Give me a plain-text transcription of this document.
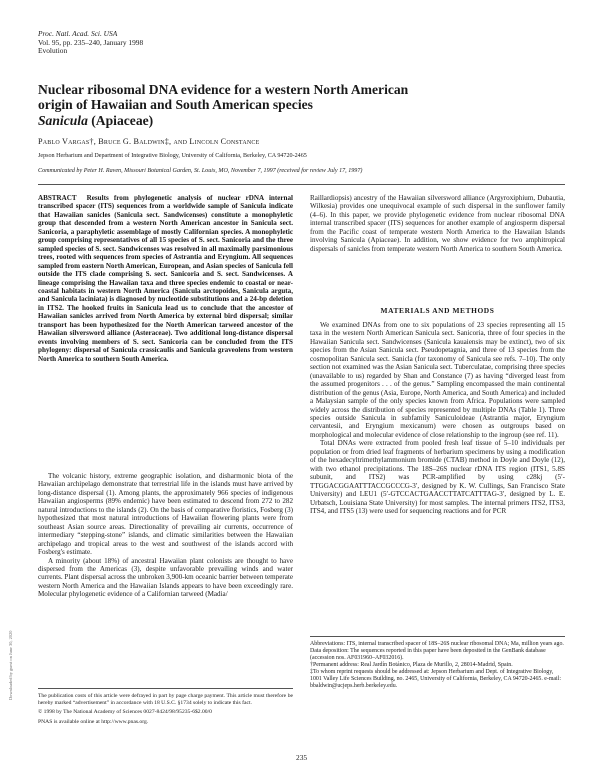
Proc. Natl. Acad. Sci. USA
Vol. 95, pp. 235–240, January 1998
Evolution
Nuclear ribosomal DNA evidence for a western North American
origin of Hawaiian and South American species
Sanicula (Apiaceae)
Pablo Vargas†, Bruce G. Baldwin‡, and Lincoln Constance
Jepson Herbarium and Department of Integrative Biology, University of California, Berkeley, CA 94720-2465
Communicated by Peter H. Raven, Missouri Botanical Garden, St. Louis, MO, November 7, 1997 (received for review July 17, 1997)
ABSTRACT Results from phylogenetic analysis of nuclear rDNA internal transcribed spacer (ITS) sequences from a worldwide sample of Sanicula indicate that Hawaiian sanicles (Sanicula sect. Sandwicenses) constitute a monophyletic group that descended from a western North American ancestor in Sanicula sect. Sanicoria, a paraphyletic assemblage of mostly Californian species. A monophyletic group comprising representatives of all 15 species of S. sect. Sanicoria and the three sampled species of S. sect. Sandwicenses was resolved in all maximally parsimonious trees, rooted with sequences from species of Astrantia and Eryngium. All sequences sampled from eastern North American, European, and Asian species of Sanicula fell outside the ITS clade comprising S. sect. Sanicoria and S. sect. Sandwicenses. A lineage comprising the Hawaiian taxa and three species endemic to coastal or near-coastal habitats in western North America (Sanicula arctopoides, Sanicula arguta, and Sanicula laciniata) is diagnosed by nucleotide substitutions and a 24-bp deletion in ITS2. The hooked fruits in Sanicula lead us to conclude that the ancestor of Hawaiian sanicles arrived from North America by external bird dispersal; similar transport has been hypothesized for the North American tarweed ancestor of the Hawaiian silversword alliance (Asteraceae). Two additional long-distance dispersal events involving members of S. sect. Sanicoria can be concluded from the ITS phylogeny: dispersal of Sanicula crassicaulis and Sanicula graveolens from western North America to southern South America.

The volcanic history, extreme geographic isolation, and disharmonic biota of the Hawaiian archipelago demonstrate that terrestrial life in the islands must have arrived by long-distance dispersal (1). Among plants, the approximately 966 species of indigenous Hawaiian angiosperms (89% endemic) have been estimated to descend from 272 to 282 natural introductions to the islands (2). On the basis of comparative floristics, Fosberg (3) hypothesized that most natural introductions of Hawaiian flowering plants were from southeast Asian source areas. Directionality of prevailing air currents, occurrence of intermediary “stepping-stone” islands, and climatic similarities between the Hawaiian archipelago and tropical areas to the west and southwest of the islands accord with Fosberg's estimate.

A minority (about 18%) of ancestral Hawaiian plant colonists are thought to have dispersed from the Americas (3), despite unfavorable prevailing winds and water currents. Plant dispersal across the unbroken 3,900-km oceanic barrier between temperate western North America and the Hawaiian Islands appears to have been exceedingly rare. Molecular phylogenetic evidence of a Californian tarweed (Madia/

Raillardiopsis) ancestry of the Hawaiian silversword alliance (Argyroxiphium, Dubautia, Wilkesia) provides one unequivocal example of such dispersal in the sunflower family (4–6). In this paper, we provide phylogenetic evidence from nuclear ribosomal DNA internal transcribed spacer (ITS) sequences for another example of angiosperm dispersal from the Pacific coast of temperate western North America to the Hawaiian Islands involving Sanicula (Apiaceae). In addition, we show evidence for two amphitropical dispersals of sanicles from temperate western North America to southern South America.

MATERIALS AND METHODS

We examined DNAs from one to six populations of 23 species representing all 15 taxa in the western North American Sanicula sect. Sanicoria, three of four species in the Hawaiian Sanicula sect. Sandwicenses (Sanicula kauaiensis may be extinct), two of six species from the Asian Sanicula sect. Pseudopetagnia, and three of 13 species from the cosmopolitan Sanicula sect. Sanicla (for taxonomy of Sanicula see refs. 7–10). The only section not examined was the Asian Sanicula sect. Tuberculatae, comprising three species (unavailable to us) regarded by Shan and Constance (7) as having “diverged least from the assumed progenitors . . . of the genus.” Sampling encompassed the main continental distribution of the genus (Asia, Europe, North America, and South America) and included a Malaysian sample of the only species known from Africa. Populations were sampled widely across the distribution of species represented by multiple DNAs (Table 1). Three species outside Sanicula in subfamily Saniculoideae (Astrantia major, Eryngium cervantesii, and Eryngium mexicanum) were chosen as outgroups based on morphological and molecular evidence of close relationship to the ingroup (see ref. 11).

Total DNAs were extracted from pooled fresh leaf tissue of 5–10 individuals per population or from dried leaf fragments of herbarium specimens by using a modification of the hexadecyltrimethylammonium bromide (CTAB) method in Doyle and Doyle (12), with two ethanol precipitations. The 18S–26S nuclear rDNA ITS region (ITS1, 5.8S subunit, and ITS2) was PCR-amplified by using c28kj (5′-TTGGACGGAATTTACCGCCCG-3′, designed by K. W. Cullings, San Francisco State University) and LEU1 (5′-GTCCACTGAACCTTATCATTTAG-3′, designed by L. E. Urbatsch, Louisiana State University) for most samples. The internal primers ITS2, ITS3, ITS4, and ITS5 (13) were used for sequencing reactions and for PCR

The publication costs of this article were defrayed in part by page charge payment. This article must therefore be hereby marked “advertisement” in accordance with 18 U.S.C. §1734 solely to indicate this fact.

© 1998 by The National Academy of Sciences 0027-8424/98/95235-6$2.00/0

PNAS is available online at http://www.pnas.org.

Abbreviations: ITS, internal transcribed spacer of 18S–26S nuclear ribosomal DNA; Ma, million years ago.

Data deposition: The sequences reported in this paper have been deposited in the GenBank database (accession nos. AF031960–AF032016).

†Permanent address: Real Jardín Botánico, Plaza de Murillo, 2, 28014-Madrid, Spain.

‡To whom reprint requests should be addressed at: Jepson Herbarium and Dept. of Integrative Biology, 1001 Valley Life Sciences Building, no. 2465, University of California, Berkeley, CA 94720-2465. e-mail: bbaldwin@ucjeps.herb.berkeley.edu.

235
Downloaded by guest on June 30, 2020
